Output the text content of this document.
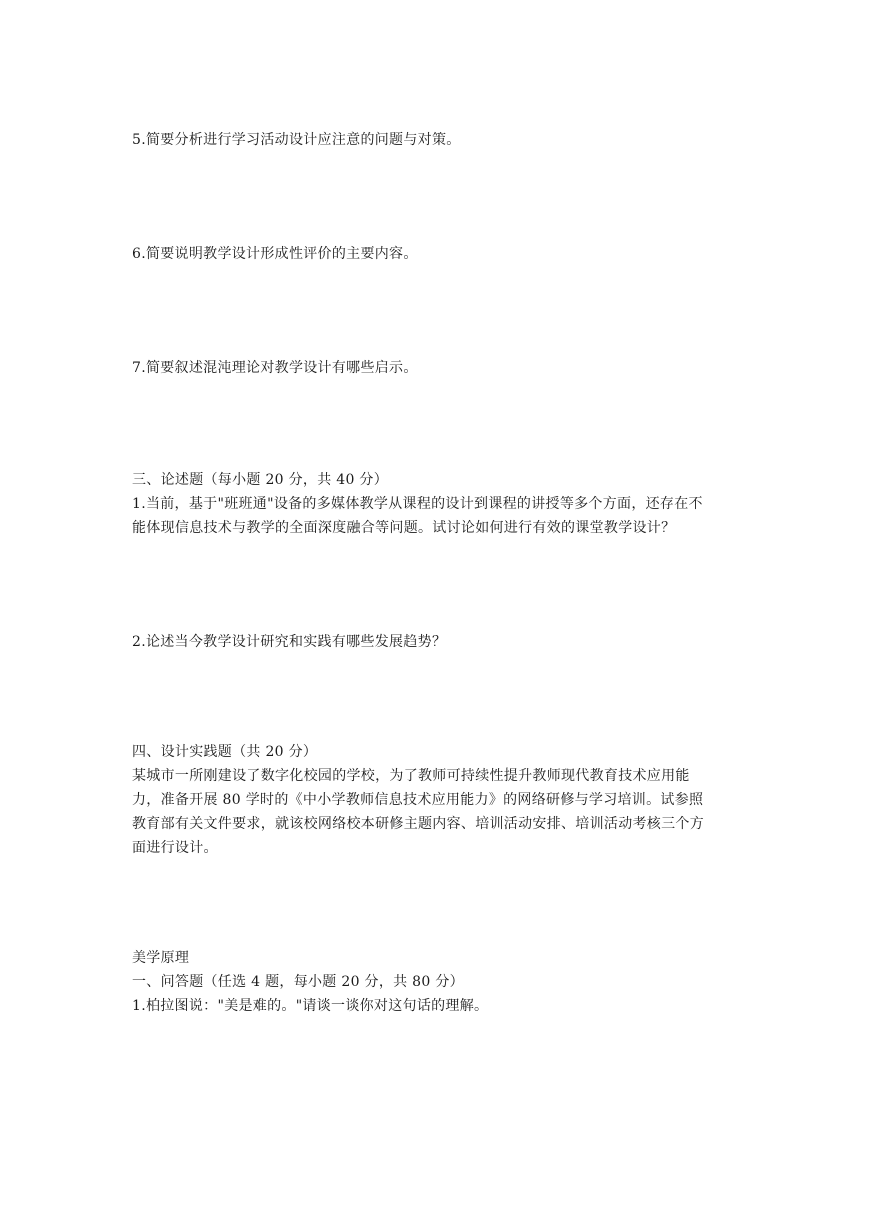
5.简要分析进行学习活动设计应注意的问题与对策。
6.简要说明教学设计形成性评价的主要内容。
7.简要叙述混沌理论对教学设计有哪些启示。
三、论述题（每小题 20 分，共 40 分）
1.当前，基于"班班通"设备的多媒体教学从课程的设计到课程的讲授等多个方面，还存在不
能体现信息技术与教学的全面深度融合等问题。试讨论如何进行有效的课堂教学设计？
2.论述当今教学设计研究和实践有哪些发展趋势？
四、设计实践题（共 20 分）
某城市一所刚建设了数字化校园的学校，为了教师可持续性提升教师现代教育技术应用能
力，准备开展 80 学时的《中小学教师信息技术应用能力》的网络研修与学习培训。试参照
教育部有关文件要求，就该校网络校本研修主题内容、培训活动安排、培训活动考核三个方
面进行设计。
美学原理
一、问答题（任选 4 题，每小题 20 分，共 80 分）
1.柏拉图说："美是难的。"请谈一谈你对这句话的理解。
